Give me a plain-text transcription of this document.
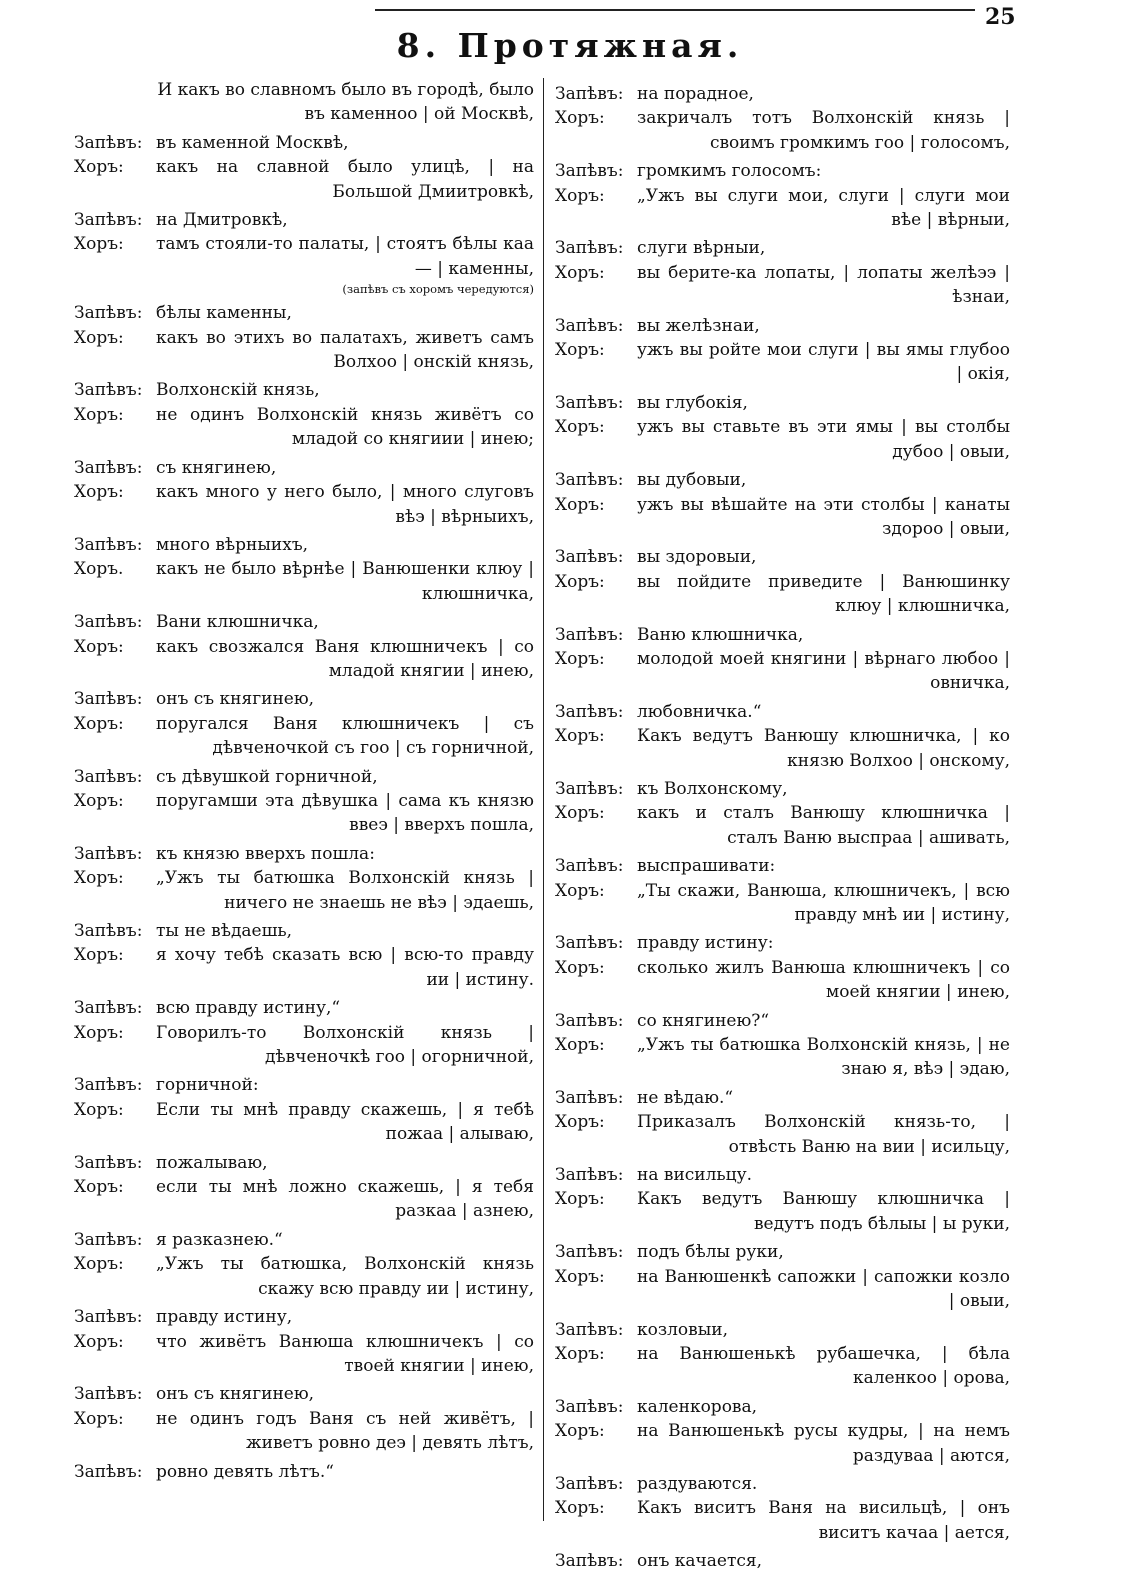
25
8. Протяжная.
И какъ во славномъ было въ городѣ, было въ каменноо | ой Москвѣ,
Запѣвъ: въ каменной Москвѣ,
Хоръ:	какъ на славной было улицѣ, | на Большой Дмиитровкѣ,
Запѣвъ: на Дмитровкѣ,
Хоръ:	тамъ стояли-то палаты, | стоятъ бѣлы каа— | каменны,
(запѣвъ съ хоромъ чередуются)
Запѣвъ: бѣлы каменны,
Хоръ:	какъ во этихъ во палатахъ, живетъ самъ Волхоо | онскій князь,
Запѣвъ: Волхонскій князь,
Хоръ:	не одинъ Волхонскій князь живётъ со младой со княгиии | инею;
Запѣвъ: съ княгинею,
Хоръ:	какъ много у него было, | много слуговъ вѣэ | вѣрныихъ,
Запѣвъ: много вѣрныихъ,
Хоръ.	какъ не было вѣрнѣе | Ванюшенки клюу | клюшничка,
Запѣвъ: Вани клюшничка,
Хоръ:	какъ свозжался Ваня клюшничекъ | со младой княгии | инею,
Запѣвъ: онъ съ княгинею,
Хоръ:	поругался Ваня клюшничекъ | съ дѣвченочкой съ гоо | съ горничной,
Запѣвъ: съ дѣвушкой горничной,
Хоръ:	поругамши эта дѣвушка | сама къ князю ввеэ | вверхъ пошла,
Запѣвъ: къ князю вверхъ пошла:
Хоръ:	„Ужъ ты батюшка Волхонскій князь | ничего не знаешь не вѣэ | эдаешь,
Запѣвъ: ты не вѣдаешь,
Хоръ:	я хочу тебѣ сказать всю | всю-то правду ии | истину.
Запѣвъ: всю правду истину,“
Хоръ:	Говорилъ-то Волхонскій князь | дѣвченочкѣ гоо | огорничной,
Запѣвъ: горничной:
Хоръ:	Если ты мнѣ правду скажешь, | я тебѣ пожаа | алываю,
Запѣвъ: пожалываю,
Хоръ:	если ты мнѣ ложно скажешь, | я тебя разкаа | азнею,
Запѣвъ: я разказнею.“
Хоръ:	„Ужъ ты батюшка, Волхонскій князь скажу всю правду ии | истину,
Запѣвъ: правду истину,
Хоръ:	что живётъ Ванюша клюшничекъ | со твоей княгии | инею,
Запѣвъ: онъ съ княгинею,
Хоръ:	не одинъ годъ Ваня съ ней живётъ, | живетъ ровно деэ | девять лѣтъ,
Запѣвъ: ровно девять лѣтъ.“
Запѣвъ: на порадное,
Хоръ:	закричалъ тотъ Волхонскій князь | своимъ громкимъ гоо | голосомъ,
Запѣвъ: громкимъ голосомъ:
Хоръ:	„Ужъ вы слуги мои, слуги | слуги мои вѣе | вѣрныи,
Запѣвъ: слуги вѣрныи,
Хоръ:	вы берите-ка лопаты, | лопаты желѣээ | ѣзнаи,
Запѣвъ: вы желѣзнаи,
Хоръ:	ужъ вы ройте мои слуги | вы ямы глубоо | окія,
Запѣвъ: вы глубокія,
Хоръ:	ужъ вы ставьте въ эти ямы | вы столбы дубоо | овыи,
Запѣвъ: вы дубовыи,
Хоръ:	ужъ вы вѣшайте на эти столбы | канаты здороо | овыи,
Запѣвъ: вы здоровыи,
Хоръ:	вы пойдите приведите | Ванюшинку клюу | клюшничка,
Запѣвъ: Ваню клюшничка,
Хоръ:	молодой моей княгини | вѣрнаго любоо | овничка,
Запѣвъ: любовничка.“
Хоръ:	Какъ ведутъ Ванюшу клюшничка, | ко князю Волхоо | онскому,
Запѣвъ: къ Волхонскому,
Хоръ:	какъ и сталъ Ванюшу клюшничка | сталъ Ваню выспраа | ашивать,
Запѣвъ: выспрашивати:
Хоръ:	„Ты скажи, Ванюша, клюшничекъ, | всю правду мнѣ ии | истину,
Запѣвъ: правду истину:
Хоръ:	сколько жилъ Ванюша клюшничекъ | со моей княгии | инею,
Запѣвъ: со княгинею?“
Хоръ:	„Ужъ ты батюшка Волхонскій князь, | не знаю я, вѣэ | эдаю,
Запѣвъ: не вѣдаю.“
Хоръ:	Приказалъ Волхонскій князь-то, | отвѣсть Ваню на вии | исильцу,
Запѣвъ: на висильцу.
Хоръ:	Какъ ведутъ Ванюшу клюшничка | ведутъ подъ бѣлыы | ы руки,
Запѣвъ: подъ бѣлы руки,
Хоръ:	на Ванюшенкѣ сапожки | сапожки козло | овыи,
Запѣвъ: козловыи,
Хоръ:	на Ванюшенькѣ рубашечка, | бѣла каленкоо | орова,
Запѣвъ: каленкорова,
Хоръ:	на Ванюшенькѣ русы кудры, | на немъ раздуваа | аются,
Запѣвъ: раздуваются.
Хоръ:	Какъ виситъ Ваня на висильцѣ, | онъ виситъ качаа | ается,
Запѣвъ: онъ качается,
